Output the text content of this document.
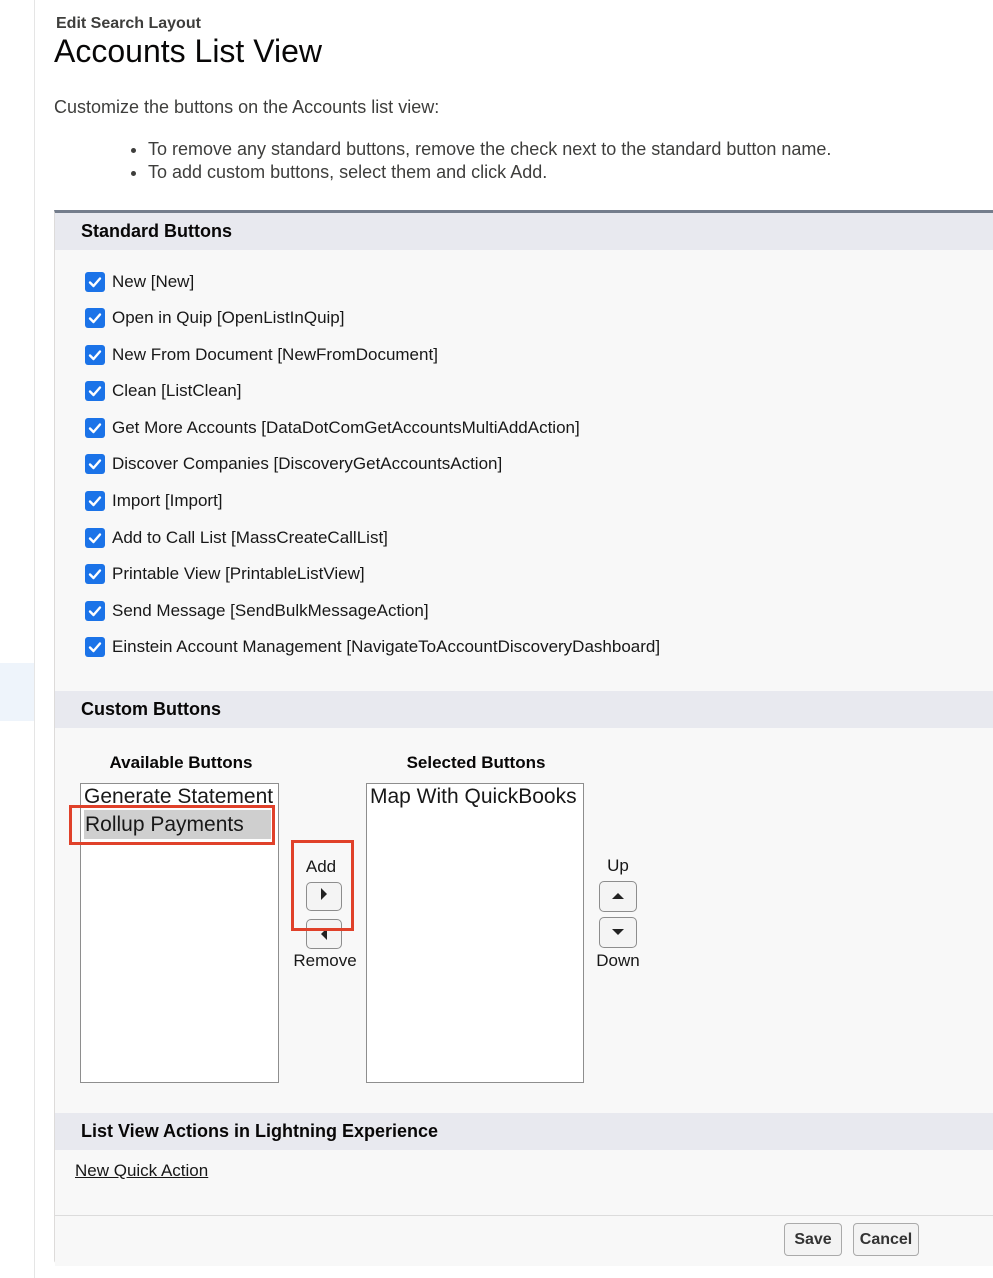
Edit Search Layout
Accounts List View
Customize the buttons on the Accounts list view:
• To remove any standard buttons, remove the check next to the standard button name.
• To add custom buttons, select them and click Add.
Standard Buttons
New [New]
Open in Quip [OpenListInQuip]
New From Document [NewFromDocument]
Clean [ListClean]
Get More Accounts [DataDotComGetAccountsMultiAddAction]
Discover Companies [DiscoveryGetAccountsAction]
Import [Import]
Add to Call List [MassCreateCallList]
Printable View [PrintableListView]
Send Message [SendBulkMessageAction]
Einstein Account Management [NavigateToAccountDiscoveryDashboard]
Custom Buttons
Available Buttons	Selected Buttons
Generate Statement
Rollup Payments
Map With QuickBooks
Add
Remove
Up
Down
List View Actions in Lightning Experience
New Quick Action
Save	Cancel
